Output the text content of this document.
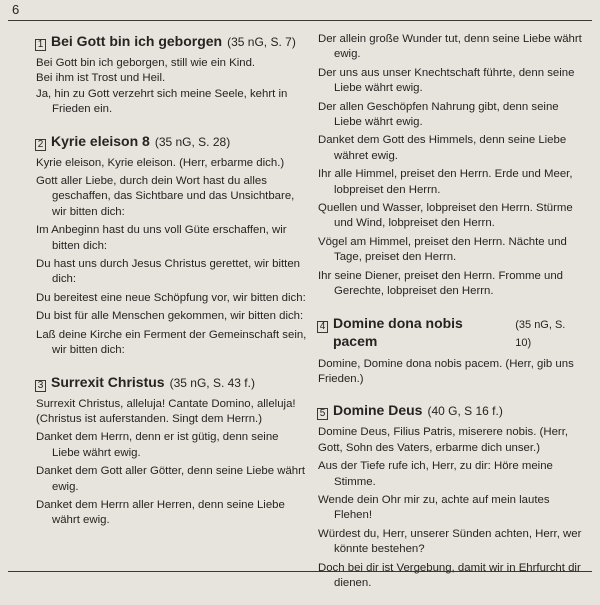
6
1 Bei Gott bin ich geborgen (35 nG, S. 7)
Bei Gott bin ich geborgen, still wie ein Kind.
Bei ihm ist Trost und Heil.
Ja, hin zu Gott verzehrt sich meine Seele, kehrt in Frieden ein.
2 Kyrie eleison 8 (35 nG, S. 28)
Kyrie eleison, Kyrie eleison. (Herr, erbarme dich.)
Gott aller Liebe, durch dein Wort hast du alles geschaffen, das Sichtbare und das Unsichtbare, wir bitten dich:
Im Anbeginn hast du uns voll Güte erschaffen, wir bitten dich:
Du hast uns durch Jesus Christus gerettet, wir bitten dich:
Du bereitest eine neue Schöpfung vor, wir bitten dich:
Du bist für alle Menschen gekommen, wir bitten dich:
Laß deine Kirche ein Ferment der Gemeinschaft sein, wir bitten dich:
3 Surrexit Christus (35 nG, S. 43 f.)
Surrexit Christus, alleluja! Cantate Domino, alleluja! (Christus ist auferstanden. Singt dem Herrn.)
Danket dem Herrn, denn er ist gütig, denn seine Liebe währt ewig.
Danket dem Gott aller Götter, denn seine Liebe währt ewig.
Danket dem Herrn aller Herren, denn seine Liebe währt ewig.
Der allein große Wunder tut, denn seine Liebe währt ewig.
Der uns aus unser Knechtschaft führte, denn seine Liebe währt ewig.
Der allen Geschöpfen Nahrung gibt, denn seine Liebe währt ewig.
Danket dem Gott des Himmels, denn seine Liebe währet ewig.
Ihr alle Himmel, preiset den Herrn. Erde und Meer, lobpreiset den Herrn.
Quellen und Wasser, lobpreiset den Herrn. Stürme und Wind, lobpreiset den Herrn.
Vögel am Himmel, preiset den Herrn. Nächte und Tage, preiset den Herrn.
Ihr seine Diener, preiset den Herrn. Fromme und Gerechte, lobpreiset den Herrn.
4 Domine dona nobis pacem
(35 nG, S. 10)
Domine, Domine dona nobis pacem. (Herr, gib uns Frieden.)
5 Domine Deus (40 G, S 16 f.)
Domine Deus, Filius Patris, miserere nobis. (Herr, Gott, Sohn des Vaters, erbarme dich unser.)
Aus der Tiefe rufe ich, Herr, zu dir: Höre meine Stimme.
Wende dein Ohr mir zu, achte auf mein lautes Flehen!
Würdest du, Herr, unserer Sünden achten, Herr, wer könnte bestehen?
Doch bei dir ist Vergebung, damit wir in Ehrfurcht dir dienen.
